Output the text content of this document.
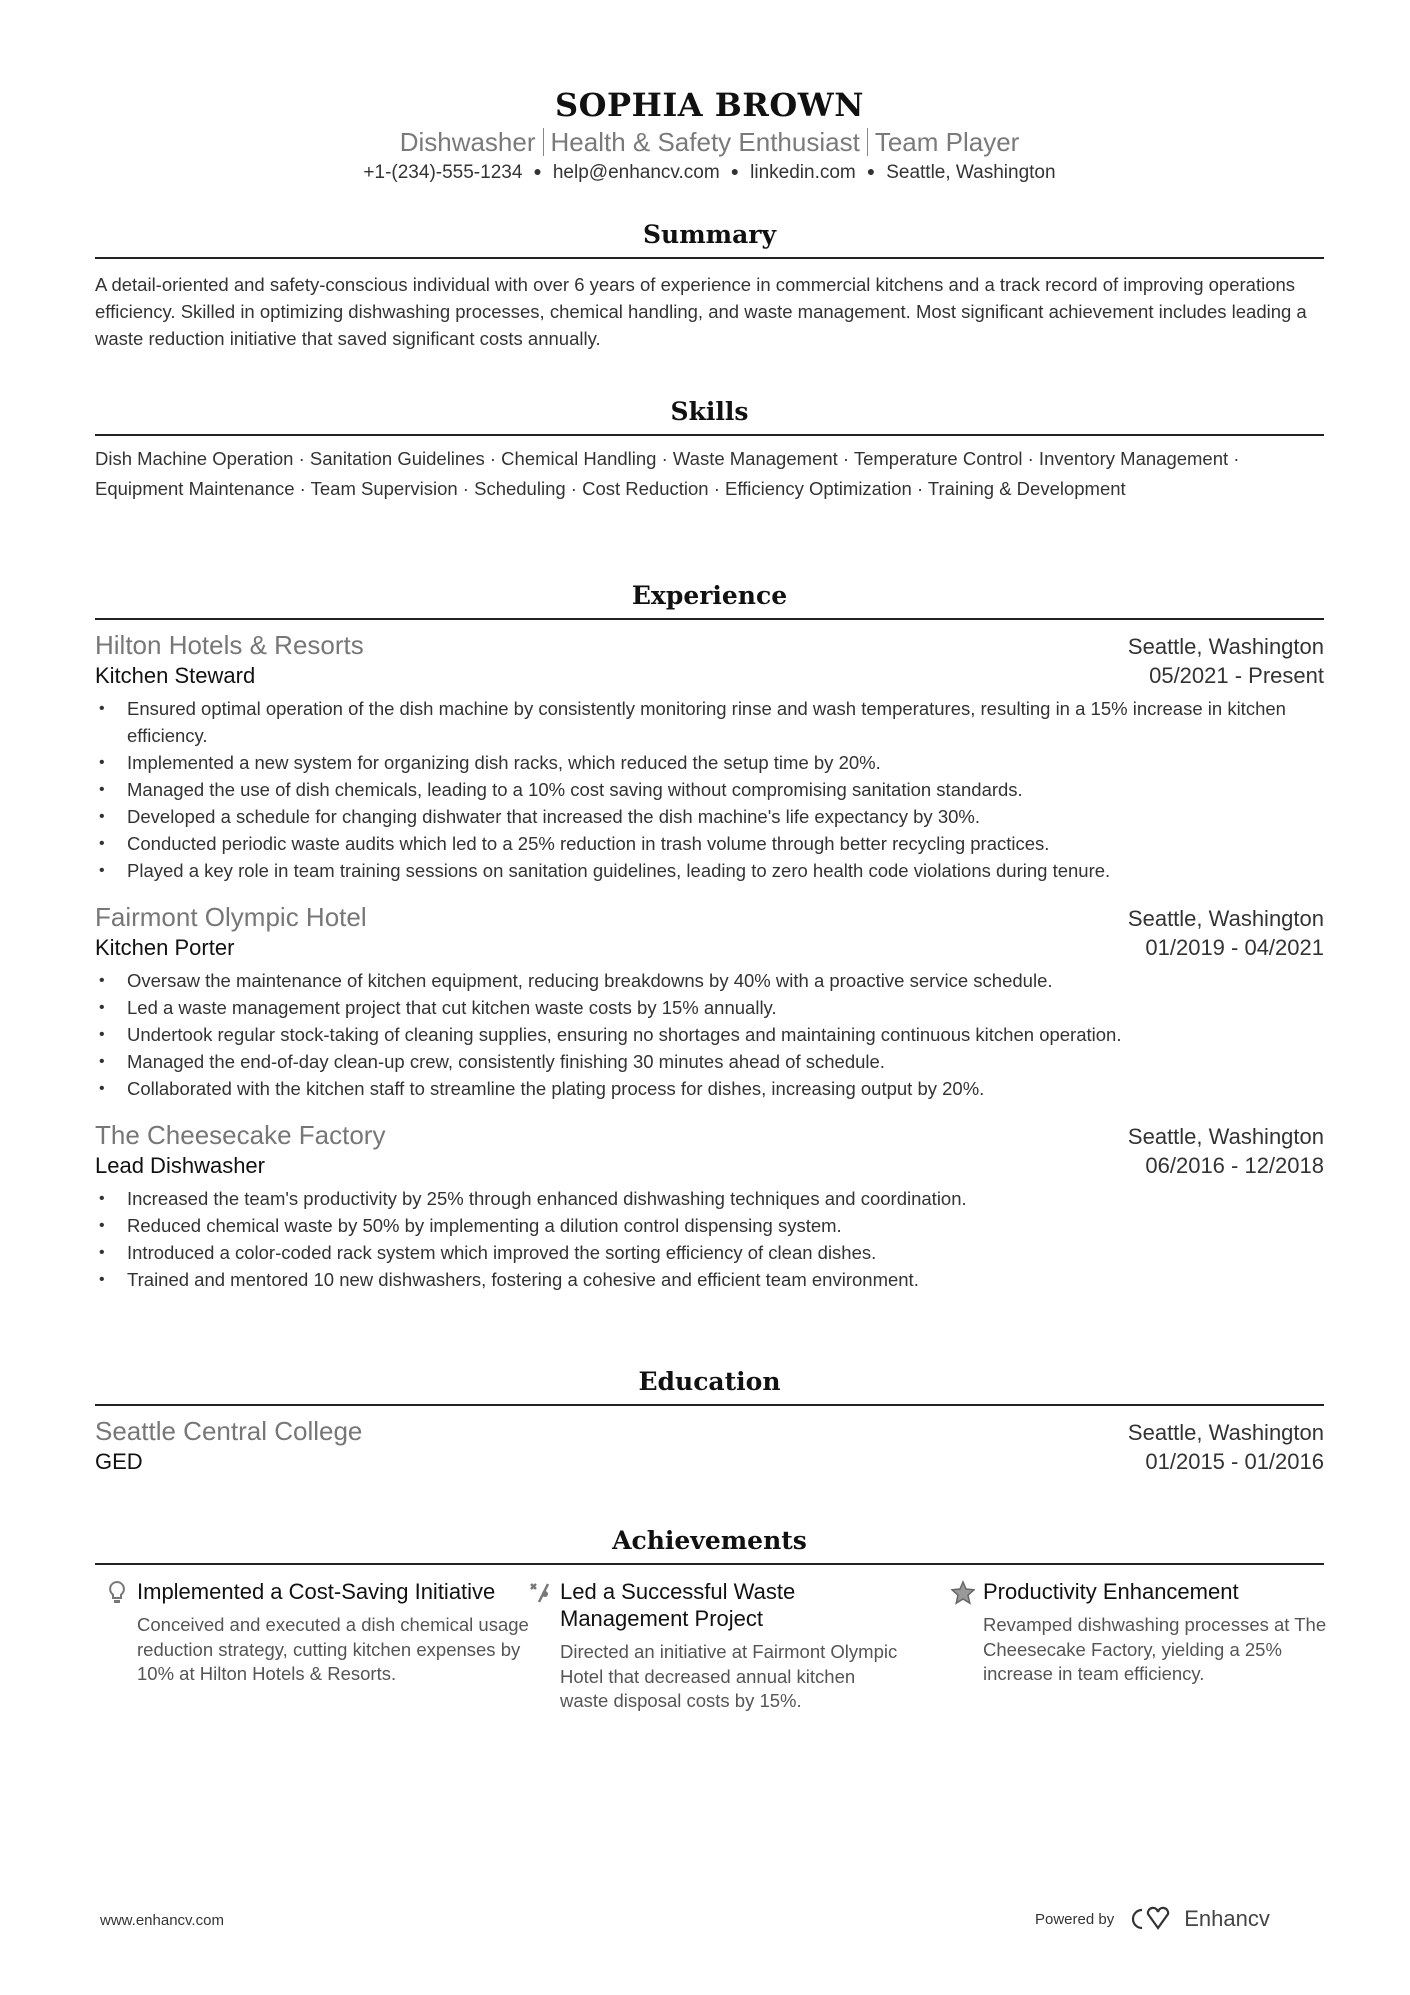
SOPHIA BROWN
Dishwasher Health & Safety Enthusiast Team Player
+1-(234)-555-1234 ● help@enhancv.com ● linkedin.com ● Seattle, Washington
Summary
A detail-oriented and safety-conscious individual with over 6 years of experience in commercial kitchens and a track record of improving operations efficiency. Skilled in optimizing dishwashing processes, chemical handling, and waste management. Most significant achievement includes leading a waste reduction initiative that saved significant costs annually.
Skills
Dish Machine Operation · Sanitation Guidelines · Chemical Handling · Waste Management · Temperature Control · Inventory Management · Equipment Maintenance · Team Supervision · Scheduling · Cost Reduction · Efficiency Optimization · Training & Development
Experience
Hilton Hotels & Resorts	Seattle, Washington
Kitchen Steward	05/2021 - Present
• Ensured optimal operation of the dish machine by consistently monitoring rinse and wash temperatures, resulting in a 15% increase in kitchen efficiency.
• Implemented a new system for organizing dish racks, which reduced the setup time by 20%.
• Managed the use of dish chemicals, leading to a 10% cost saving without compromising sanitation standards.
• Developed a schedule for changing dishwater that increased the dish machine's life expectancy by 30%.
• Conducted periodic waste audits which led to a 25% reduction in trash volume through better recycling practices.
• Played a key role in team training sessions on sanitation guidelines, leading to zero health code violations during tenure.
Fairmont Olympic Hotel	Seattle, Washington
Kitchen Porter	01/2019 - 04/2021
• Oversaw the maintenance of kitchen equipment, reducing breakdowns by 40% with a proactive service schedule.
• Led a waste management project that cut kitchen waste costs by 15% annually.
• Undertook regular stock-taking of cleaning supplies, ensuring no shortages and maintaining continuous kitchen operation.
• Managed the end-of-day clean-up crew, consistently finishing 30 minutes ahead of schedule.
• Collaborated with the kitchen staff to streamline the plating process for dishes, increasing output by 20%.
The Cheesecake Factory	Seattle, Washington
Lead Dishwasher	06/2016 - 12/2018
• Increased the team's productivity by 25% through enhanced dishwashing techniques and coordination.
• Reduced chemical waste by 50% by implementing a dilution control dispensing system.
• Introduced a color-coded rack system which improved the sorting efficiency of clean dishes.
• Trained and mentored 10 new dishwashers, fostering a cohesive and efficient team environment.
Education
Seattle Central College	Seattle, Washington
GED	01/2015 - 01/2016
Achievements
Implemented a Cost-Saving Initiative
Conceived and executed a dish chemical usage reduction strategy, cutting kitchen expenses by 10% at Hilton Hotels & Resorts.
Led a Successful Waste Management Project
Directed an initiative at Fairmont Olympic Hotel that decreased annual kitchen waste disposal costs by 15%.
Productivity Enhancement
Revamped dishwashing processes at The Cheesecake Factory, yielding a 25% increase in team efficiency.
www.enhancv.com	Powered by	Enhancv
